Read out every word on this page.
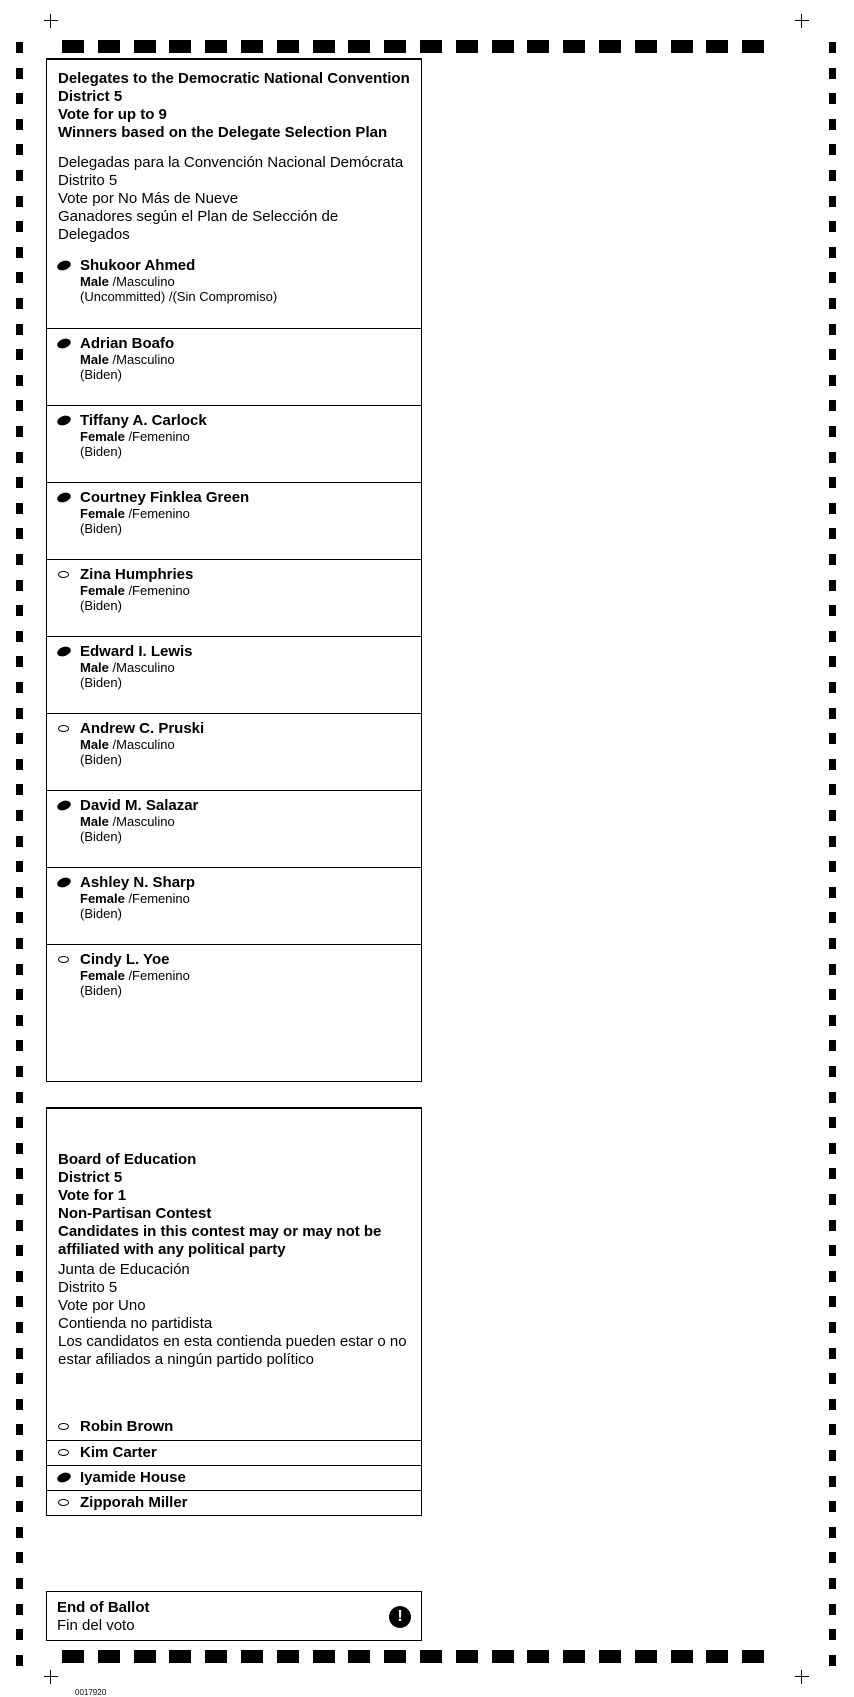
0017920
Delegates to the Democratic National Convention
District 5
Vote for up to 9
Winners based on the Delegate Selection Plan
Delegadas para la Convención Nacional Demócrata
Distrito 5
Vote por No Más de Nueve
Ganadores según el Plan de Selección de Delegados
Shukoor Ahmed
Male /Masculino
(Uncommitted) /(Sin Compromiso)
Adrian Boafo
Male /Masculino
(Biden)
Tiffany A. Carlock
Female /Femenino
(Biden)
Courtney Finklea Green
Female /Femenino
(Biden)
Zina Humphries
Female /Femenino
(Biden)
Edward I. Lewis
Male /Masculino
(Biden)
Andrew C. Pruski
Male /Masculino
(Biden)
David M. Salazar
Male /Masculino
(Biden)
Ashley N. Sharp
Female /Femenino
(Biden)
Cindy L. Yoe
Female /Femenino
(Biden)
Board of Education
District 5
Vote for 1
Non-Partisan Contest
Candidates in this contest may or may not be affiliated with any political party
Junta de Educación
Distrito 5
Vote por Uno
Contienda no partidista
Los candidatos en esta contienda pueden estar o no estar afiliados a ningún partido político
Robin Brown
Kim Carter
Iyamide House
Zipporah Miller
End of Ballot
Fin del voto
!
